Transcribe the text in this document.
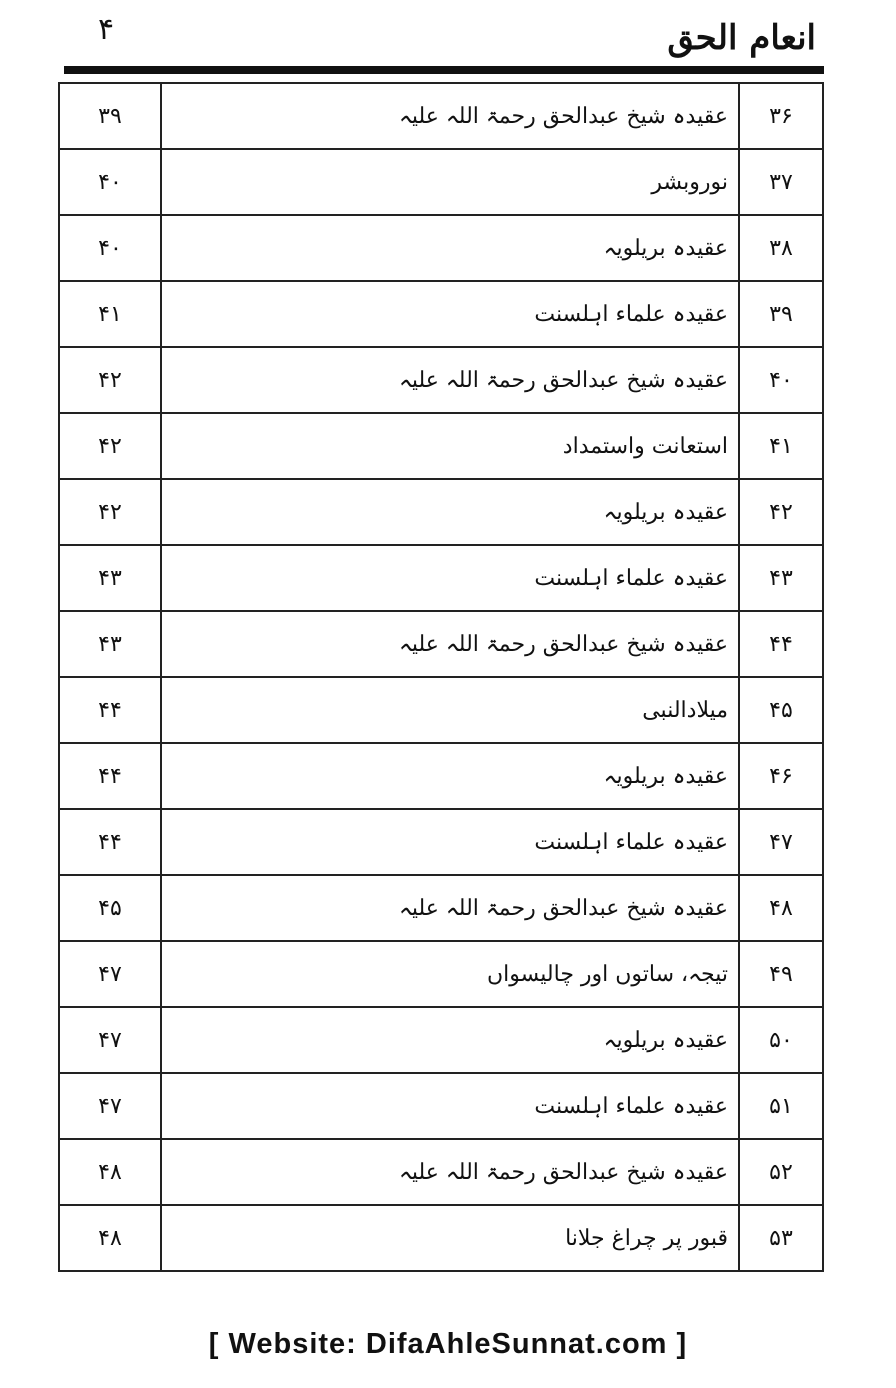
۴	انعام الحق
۳۹	عقیدہ شیخ عبدالحق رحمۃ اللہ علیہ	۳۶
۴۰	نوروبشر	۳۷
۴۰	عقیدہ بریلویہ	۳۸
۴۱	عقیدہ علماء اہلسنت	۳۹
۴۲	عقیدہ شیخ عبدالحق رحمۃ اللہ علیہ	۴۰
۴۲	استعانت واستمداد	۴۱
۴۲	عقیدہ بریلویہ	۴۲
۴۳	عقیدہ علماء اہلسنت	۴۳
۴۳	عقیدہ شیخ عبدالحق رحمۃ اللہ علیہ	۴۴
۴۴	میلادالنبی	۴۵
۴۴	عقیدہ بریلویہ	۴۶
۴۴	عقیدہ علماء اہلسنت	۴۷
۴۵	عقیدہ شیخ عبدالحق رحمۃ اللہ علیہ	۴۸
۴۷	تیجہ، ساتوں اور چالیسواں	۴۹
۴۷	عقیدہ بریلویہ	۵۰
۴۷	عقیدہ علماء اہلسنت	۵۱
۴۸	عقیدہ شیخ عبدالحق رحمۃ اللہ علیہ	۵۲
۴۸	قبور پر چراغ جلانا	۵۳
[ Website: DifaAhleSunnat.com ]
